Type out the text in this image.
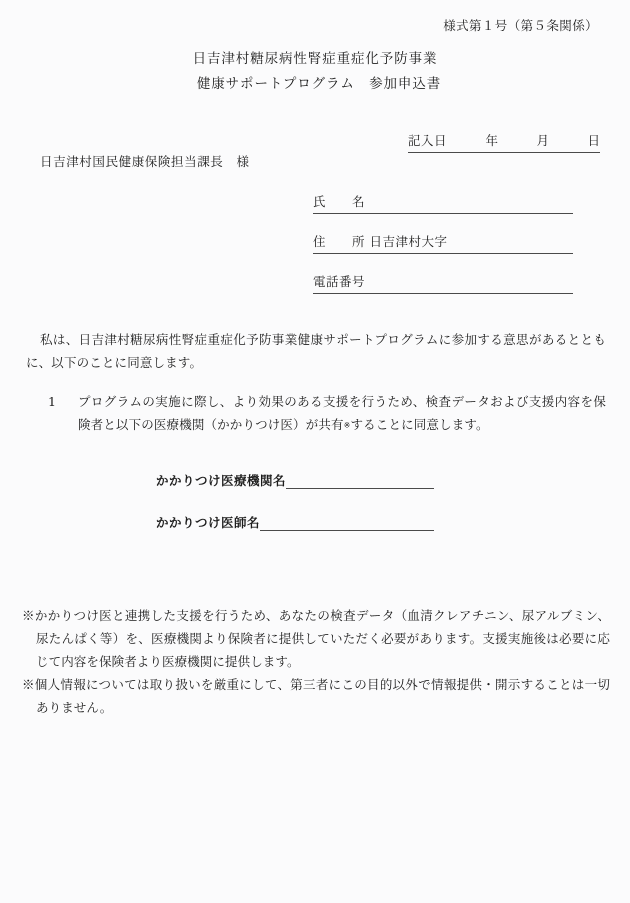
様式第１号（第５条関係）
日吉津村糖尿病性腎症重症化予防事業
健康サポートプログラム　参加申込書
記入日	年	月	日
日吉津村国民健康保険担当課長　様
氏　　名
住　　所 日吉津村大字
電話番号
私は、日吉津村糖尿病性腎症重症化予防事業健康サポートプログラムに参加する意思があるとともに、以下のことに同意します。
1	プログラムの実施に際し、より効果のある支援を行うため、検査データおよび支援内容を保険者と以下の医療機関（かかりつけ医）が共有※することに同意します。
かかりつけ医療機関名
かかりつけ医師名

※かかりつけ医と連携した支援を行うため、あなたの検査データ（血清クレアチニン、尿アルブミン、尿たんぱく等）を、医療機関より保険者に提供していただく必要があります。支援実施後は必要に応じて内容を保険者より医療機関に提供します。

※個人情報については取り扱いを厳重にして、第三者にこの目的以外で情報提供・開示することは一切ありません。
